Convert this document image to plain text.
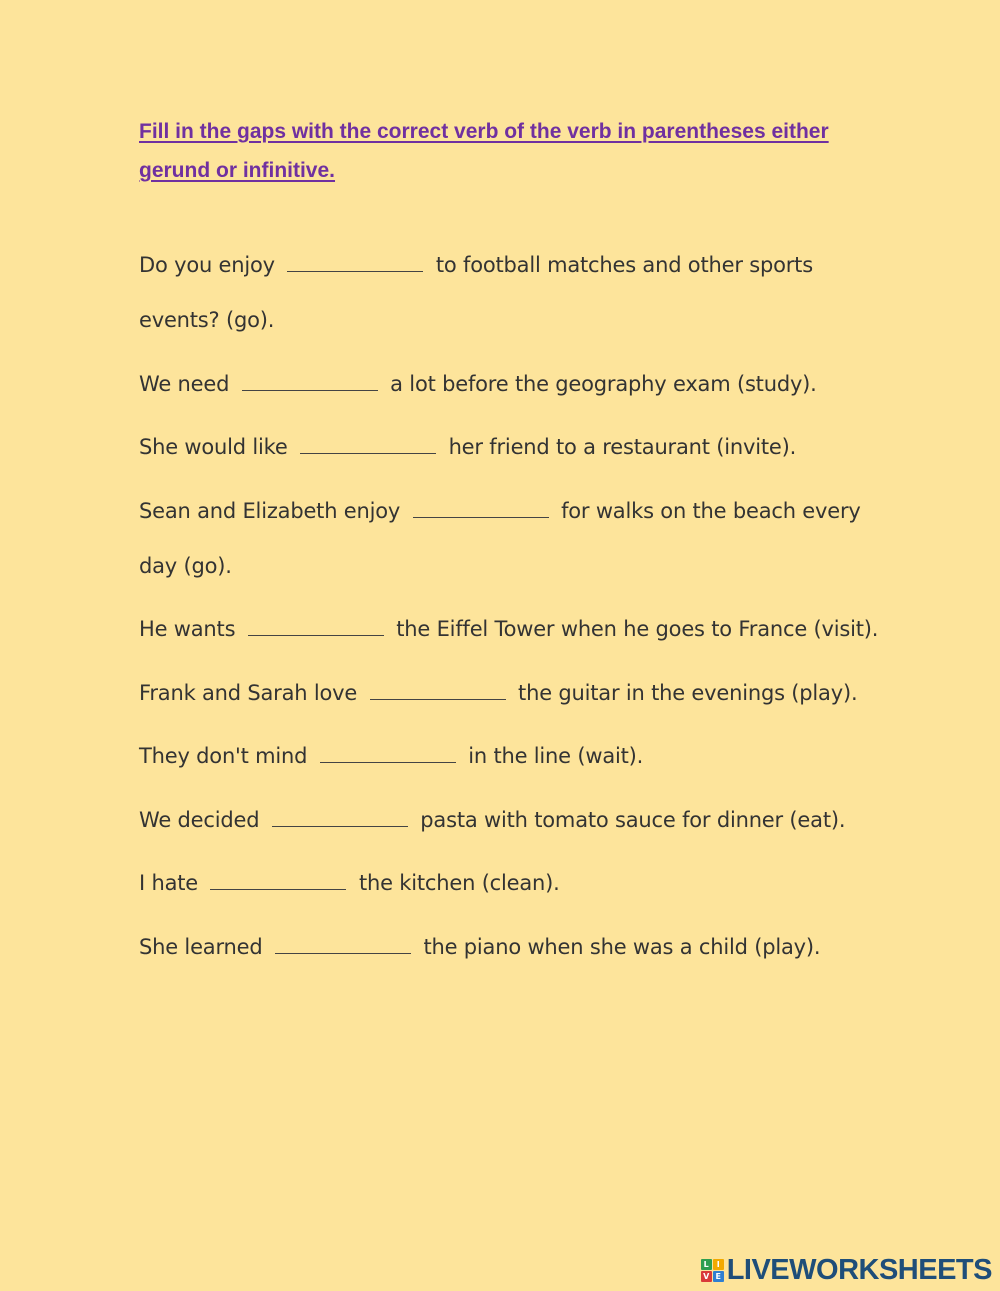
Fill in the gaps with the correct verb of the verb in parentheses either gerund or infinitive.

Do you enjoy	to football matches and other sports events? (go).
We need	a lot before the geography exam (study).
She would like	her friend to a restaurant (invite).
Sean and Elizabeth enjoy	for walks on the beach every day (go).
He wants	the Eiffel Tower when he goes to France (visit).
Frank and Sarah love	the guitar in the evenings (play).
They don't mind	in the line (wait).
We decided	pasta with tomato sauce for dinner (eat).
I hate	the kitchen (clean).
She learned	the piano when she was a child (play).
L I
V E LIVEWORKSHEETS
